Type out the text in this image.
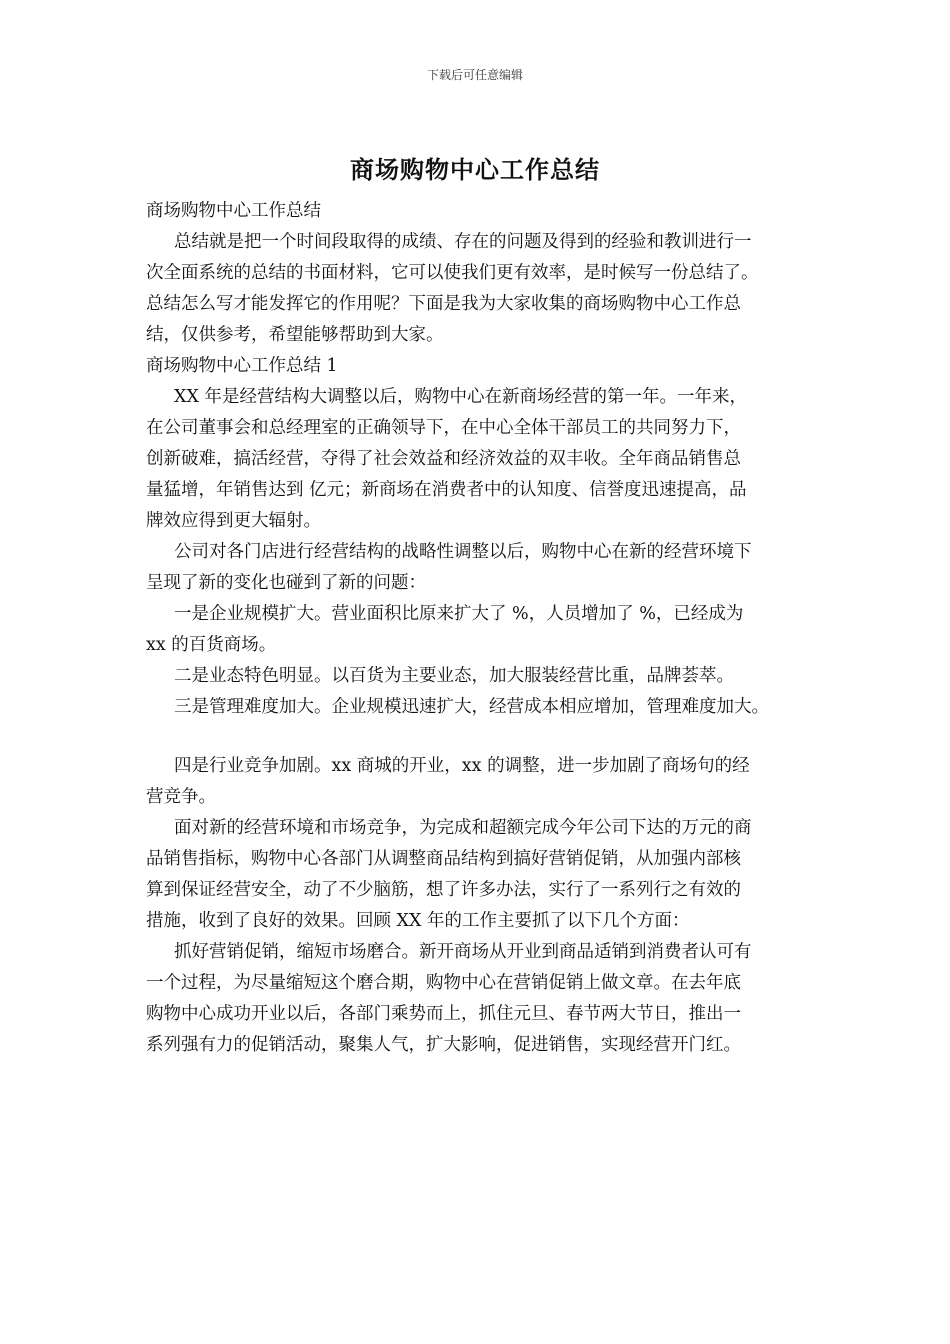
下载后可任意编辑
商场购物中心工作总结
商场购物中心工作总结
总结就是把一个时间段取得的成绩、存在的问题及得到的经验和教训进行一
次全面系统的总结的书面材料，它可以使我们更有效率，是时候写一份总结了。
总结怎么写才能发挥它的作用呢？下面是我为大家收集的商场购物中心工作总
结，仅供参考，希望能够帮助到大家。
商场购物中心工作总结 1
XX 年是经营结构大调整以后，购物中心在新商场经营的第一年。一年来，
在公司董事会和总经理室的正确领导下，在中心全体干部员工的共同努力下，
创新破难，搞活经营，夺得了社会效益和经济效益的双丰收。全年商品销售总
量猛增，年销售达到 亿元；新商场在消费者中的认知度、信誉度迅速提高，品
牌效应得到更大辐射。
公司对各门店进行经营结构的战略性调整以后，购物中心在新的经营环境下
呈现了新的变化也碰到了新的问题：
一是企业规模扩大。营业面积比原来扩大了 %，人员增加了 %，已经成为
xx 的百货商场。
二是业态特色明显。以百货为主要业态，加大服装经营比重，品牌荟萃。
三是管理难度加大。企业规模迅速扩大，经营成本相应增加，管理难度加大。
四是行业竞争加剧。xx 商城的开业，xx 的调整，进一步加剧了商场句的经
营竞争。
面对新的经营环境和市场竞争，为完成和超额完成今年公司下达的万元的商
品销售指标，购物中心各部门从调整商品结构到搞好营销促销，从加强内部核
算到保证经营安全，动了不少脑筋，想了许多办法，实行了一系列行之有效的
措施，收到了良好的效果。回顾 XX 年的工作主要抓了以下几个方面：
抓好营销促销，缩短市场磨合。新开商场从开业到商品适销到消费者认可有
一个过程，为尽量缩短这个磨合期，购物中心在营销促销上做文章。在去年底
购物中心成功开业以后，各部门乘势而上，抓住元旦、春节两大节日，推出一
系列强有力的促销活动，聚集人气，扩大影响，促进销售，实现经营开门红。
